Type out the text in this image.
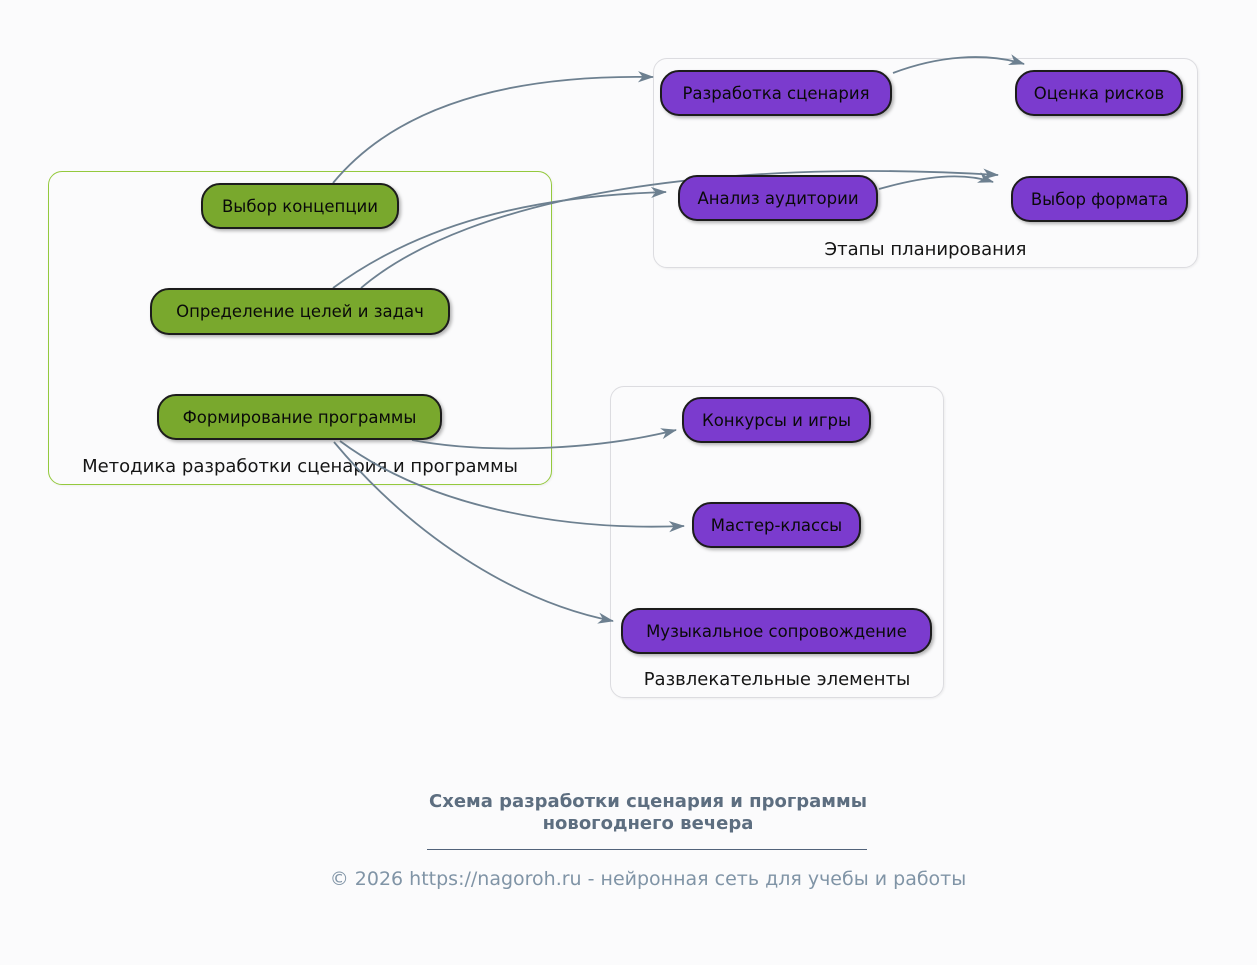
Методика разработки сценария и программы
Этапы планирования
Развлекательные элементы
Выбор концепции
Определение целей и задач
Формирование программы
Разработка сценария	Оценка рисков
Анализ аудитории	Выбор формата
Конкурсы и игры
Мастер-классы
Музыкальное сопровождение
Схема разработки сценария и программы
новогоднего вечера
© 2026 https://nagoroh.ru - нейронная сеть для учебы и работы
